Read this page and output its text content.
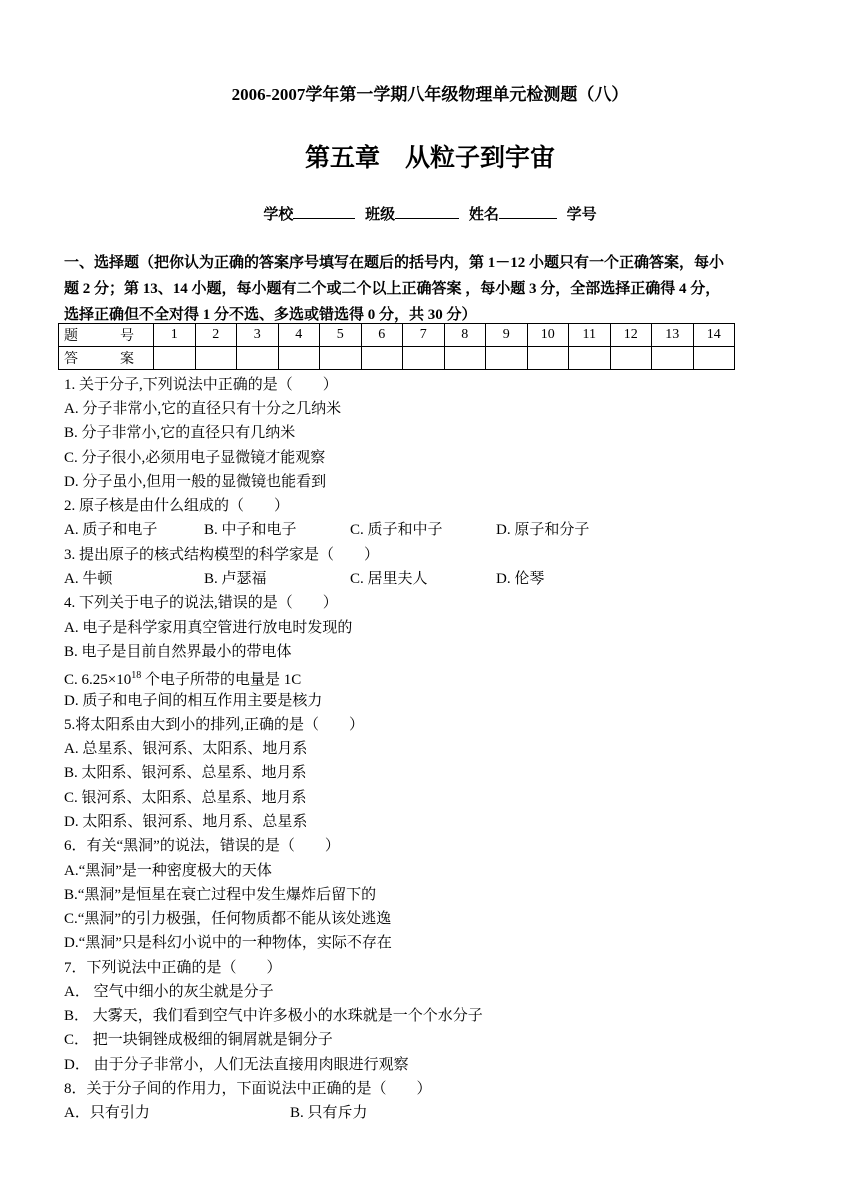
2006-2007学年第一学期八年级物理单元检测题（八）
第五章　从粒子到宇宙
学校	班级	姓名	学号
一、选择题（把你认为正确的答案序号填写在题后的括号内，第 1－12 小题只有一个正确答案，每小
题 2 分；第 13、14 小题，每小题有二个或二个以上正确答案 ，每小题 3 分，全部选择正确得 4 分，
选择正确但不全对得 1 分不选、多选或错选得 0 分，共 30 分）
题　号	1	2	3	4	5	6	7	8	9	10	11	12	13	14
答　案														
1. 关于分子,下列说法中正确的是（　　）
A. 分子非常小,它的直径只有十分之几纳米
B. 分子非常小,它的直径只有几纳米
C. 分子很小,必须用电子显微镜才能观察
D. 分子虽小,但用一般的显微镜也能看到
2. 原子核是由什么组成的（　　）
A. 质子和电子	B. 中子和电子	C. 质子和中子	D. 原子和分子
3. 提出原子的核式结构模型的科学家是（　　）
A. 牛顿	B. 卢瑟福	C. 居里夫人	D. 伦琴
4. 下列关于电子的说法,错误的是（　　）
A. 电子是科学家用真空管进行放电时发现的
B. 电子是目前自然界最小的带电体
C. $6.25\times 10^{18}$ 个电子所带的电量是 1C
D. 质子和电子间的相互作用主要是核力
5.将太阳系由大到小的排列,正确的是（　　）
A. 总星系、银河系、太阳系、地月系
B. 太阳系、银河系、总星系、地月系
C. 银河系、太阳系、总星系、地月系
D. 太阳系、银河系、地月系、总星系
6．有关“黑洞”的说法，错误的是（　　）
A.“黑洞”是一种密度极大的天体
B.“黑洞”是恒星在衰亡过程中发生爆炸后留下的
C.“黑洞”的引力极强，任何物质都不能从该处逃逸
D.“黑洞”只是科幻小说中的一种物体，实际不存在
7．下列说法中正确的是（　　）
A． 空气中细小的灰尘就是分子
B． 大雾天，我们看到空气中许多极小的水珠就是一个个水分子
C． 把一块铜锉成极细的铜屑就是铜分子
D． 由于分子非常小，人们无法直接用肉眼进行观察
8．关于分子间的作用力，下面说法中正确的是（　　）
A．只有引力	B. 只有斥力
